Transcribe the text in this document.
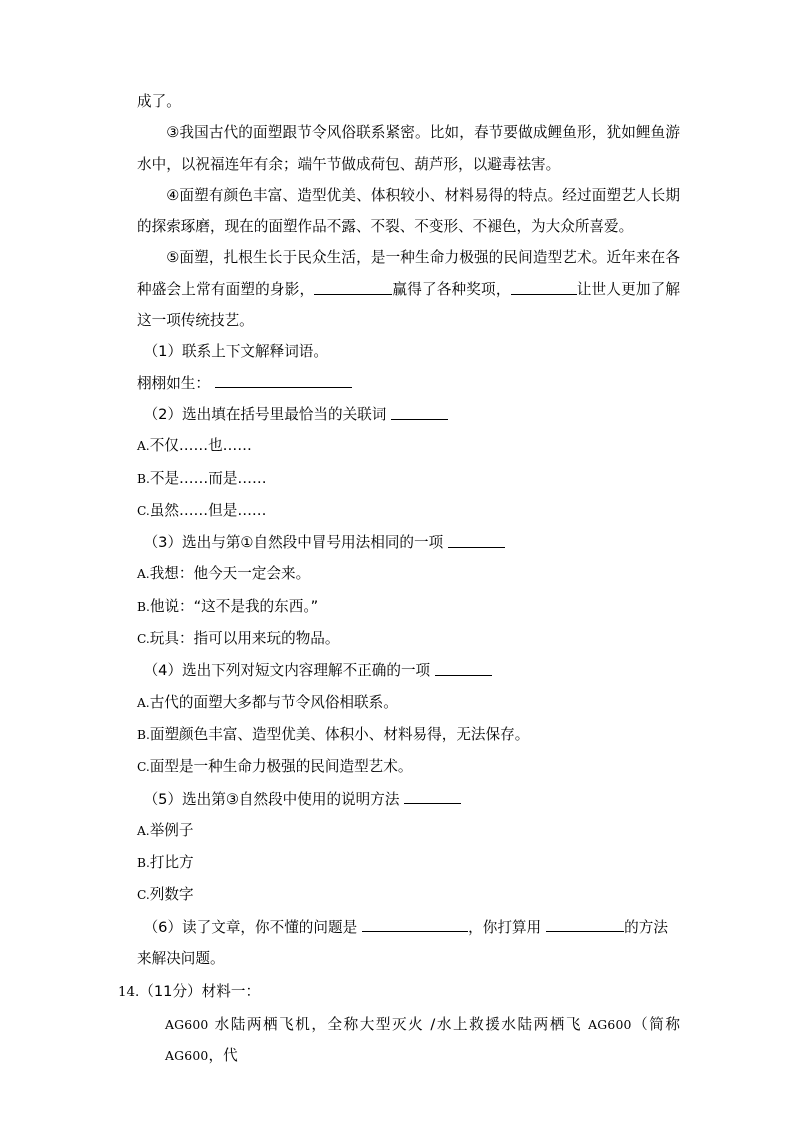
成了。
③我国古代的面塑跟节令风俗联系紧密。比如，春节要做成鲤鱼形，犹如鲤鱼游水中，以祝福连年有余；端午节做成荷包、葫芦形，以避毒祛害。
④面塑有颜色丰富、造型优美、体积较小、材料易得的特点。经过面塑艺人长期的探索琢磨，现在的面塑作品不露、不裂、不变形、不褪色，为大众所喜爱。
⑤面塑，扎根生长于民众生活，是一种生命力极强的民间造型艺术。近年来在各种盛会上常有面塑的身影，	赢得了各种奖项，	让世人更加了解这一项传统技艺。
（1）联系上下文解释词语。
栩栩如生：
（2）选出填在括号里最恰当的关联词
A.不仅……也……
B.不是……而是……
C.虽然……但是……
（3）选出与第①自然段中冒号用法相同的一项
A.我想：他今天一定会来。
B.他说：“这不是我的东西。”
C.玩具：指可以用来玩的物品。
（4）选出下列对短文内容理解不正确的一项
A.古代的面塑大多都与节令风俗相联系。
B.面塑颜色丰富、造型优美、体积小、材料易得，无法保存。
C.面型是一种生命力极强的民间造型艺术。
（5）选出第③自然段中使用的说明方法
A.举例子
B.打比方
C.列数字
（6）读了文章，你不懂的问题是	，你打算用	的方法来解决问题。
14.（11分）材料一：
AG600 水陆两栖飞机，全称大型灭火 /水上救援水陆两栖飞 AG600（简称 AG600，代
